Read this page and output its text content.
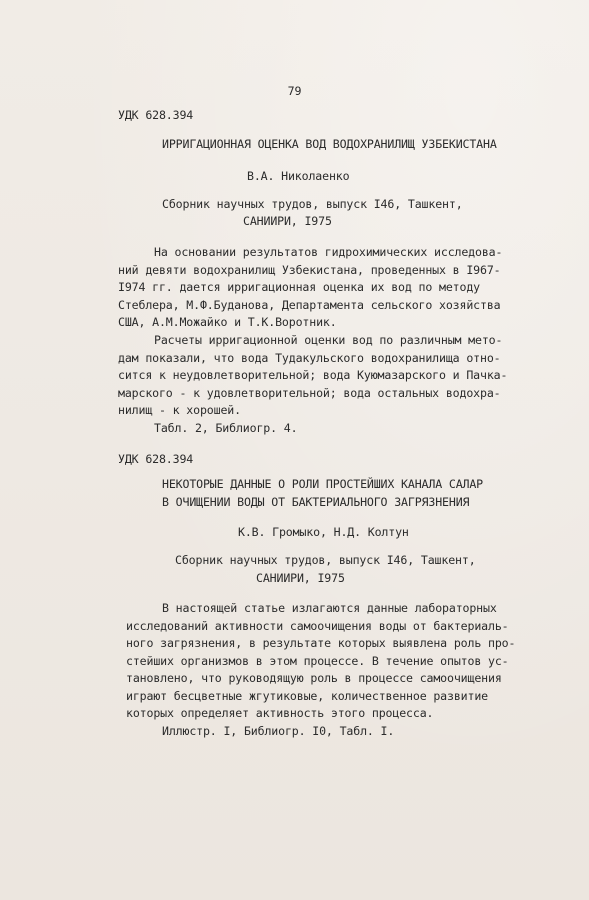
79
УДК 628.394
ИРРИГАЦИОННАЯ ОЦЕНКА ВОД ВОДОХРАНИЛИЩ УЗБЕКИСТАНА
В.А. Николаенко
Сборник научных трудов, выпуск I46, Ташкент,
САНИИРИ, I975
На основании результатов гидрохимических исследова-
ний девяти водохранилищ Узбекистана, проведенных в I967-
I974 гг. дается ирригационная оценка их вод по методу
Стеблера, М.Ф.Буданова, Департамента сельского хозяйства
США, А.М.Можайко и Т.К.Воротник.
Расчеты ирригационной оценки вод по различным мето-
дам показали, что вода Тудакульского водохранилища отно-
сится к неудовлетворительной; вода Куюмазарского и Пачка-
марского - к удовлетворительной; вода остальных водохра-
нилищ - к хорошей.
Табл. 2, Библиогр. 4.
УДК 628.394
НЕКОТОРЫЕ ДАННЫЕ О РОЛИ ПРОСТЕЙШИХ КАНАЛА САЛАР
В ОЧИЩЕНИИ ВОДЫ ОТ БАКТЕРИАЛЬНОГО ЗАГРЯЗНЕНИЯ
К.В. Громыко, Н.Д. Колтун
Сборник научных трудов, выпуск I46, Ташкент,
САНИИРИ, I975
В настоящей статье излагаются данные лабораторных
исследований активности самоочищения воды от бактериаль-
ного загрязнения, в результате которых выявлена роль про-
стейших организмов в этом процессе. В течение опытов ус-
тановлено, что руководящую роль в процессе самоочищения
играют бесцветные жгутиковые, количественное развитие
которых определяет активность этого процесса.
Иллюстр. I, Библиогр. I0, Табл. I.
